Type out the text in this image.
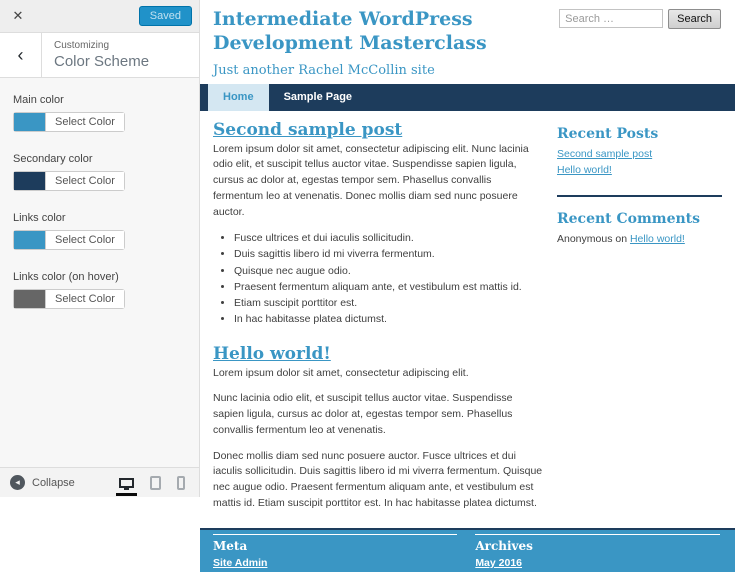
✕	Saved
‹	Customizing
Color Scheme
Main color
Select Color
Secondary color
Select Color
Links color
Select Color
Links color (on hover)
Select Color
◂	Collapse
Intermediate WordPress Development Masterclass
Just another Rachel McCollin site
Search …
Search
Home	Sample Page
Second sample post

Lorem ipsum dolor sit amet, consectetur adipiscing elit. Nunc lacinia odio elit, et suscipit tellus auctor vitae. Suspendisse sapien ligula, cursus ac dolor at, egestas tempor sem. Phasellus convallis fermentum leo at venenatis. Donec mollis diam sed nunc posuere auctor.

• Fusce ultrices et dui iaculis sollicitudin.
• Duis sagittis libero id mi viverra fermentum.
• Quisque nec augue odio.
• Praesent fermentum aliquam ante, et vestibulum est mattis id.
• Etiam suscipit porttitor est.
• In hac habitasse platea dictumst.
Hello world!

Lorem ipsum dolor sit amet, consectetur adipiscing elit.

Nunc lacinia odio elit, et suscipit tellus auctor vitae. Suspendisse sapien ligula, cursus ac dolor at, egestas tempor sem. Phasellus convallis fermentum leo at venenatis.

Donec mollis diam sed nunc posuere auctor. Fusce ultrices et dui iaculis sollicitudin. Duis sagittis libero id mi viverra fermentum. Quisque nec augue odio. Praesent fermentum aliquam ante, et vestibulum est mattis id. Etiam suscipit porttitor est. In hac habitasse platea dictumst.

Recent Posts
Second sample post
Hello world!
Recent Comments
Anonymous on Hello world!
Meta
Site Admin
Archives
May 2016
